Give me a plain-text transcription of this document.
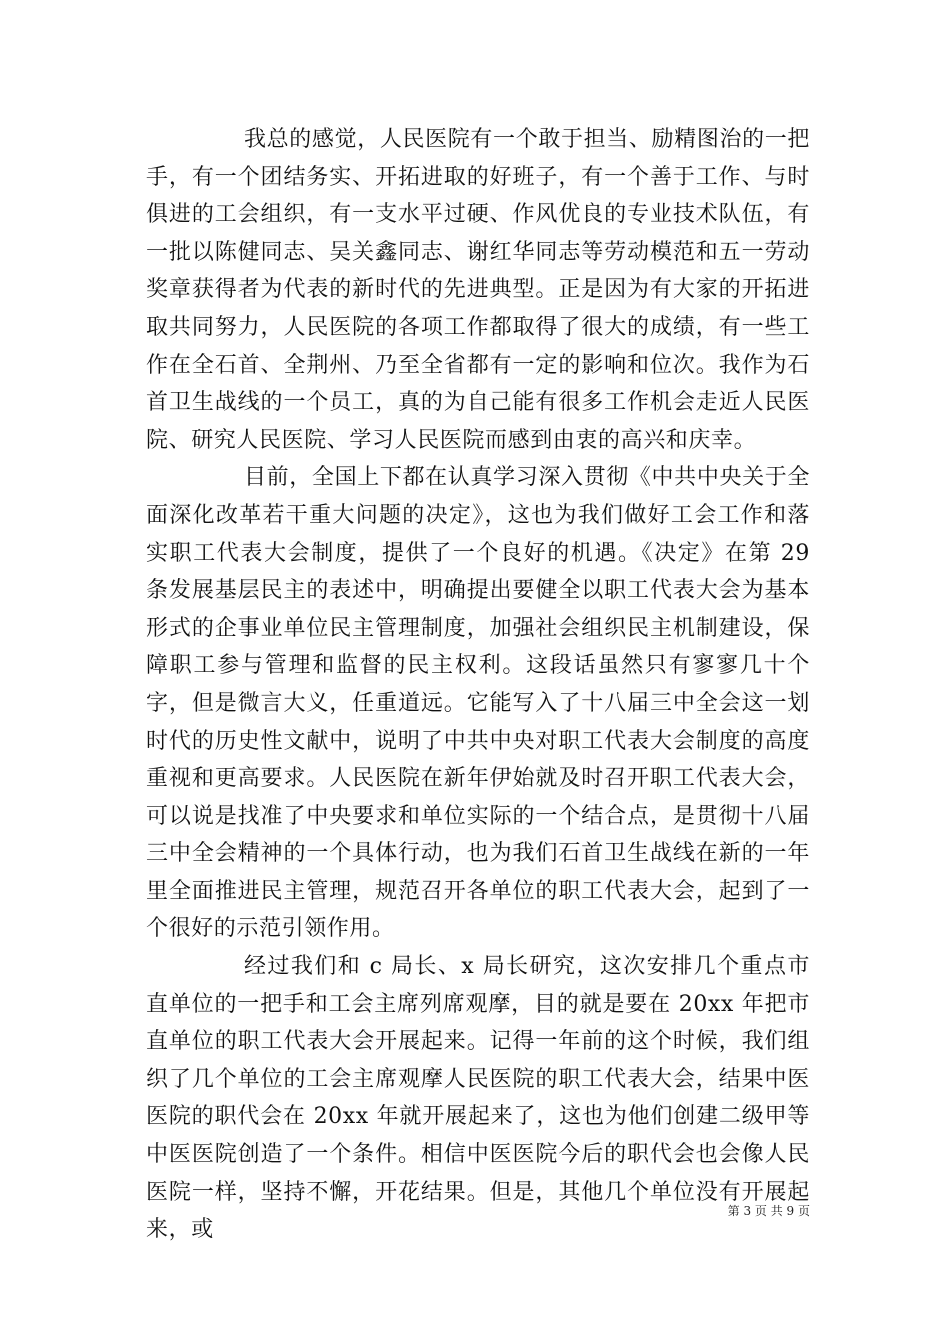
我总的感觉，人民医院有一个敢于担当、励精图治的一把手，有一个团结务实、开拓进取的好班子，有一个善于工作、与时俱进的工会组织，有一支水平过硬、作风优良的专业技术队伍，有一批以陈健同志、吴关鑫同志、谢红华同志等劳动模范和五一劳动奖章获得者为代表的新时代的先进典型。正是因为有大家的开拓进取共同努力，人民医院的各项工作都取得了很大的成绩，有一些工作在全石首、全荆州、乃至全省都有一定的影响和位次。我作为石首卫生战线的一个员工，真的为自己能有很多工作机会走近人民医院、研究人民医院、学习人民医院而感到由衷的高兴和庆幸。

目前，全国上下都在认真学习深入贯彻《中共中央关于全面深化改革若干重大问题的决定》，这也为我们做好工会工作和落实职工代表大会制度，提供了一个良好的机遇。《决定》在第 29 条发展基层民主的表述中，明确提出要健全以职工代表大会为基本形式的企事业单位民主管理制度，加强社会组织民主机制建设，保障职工参与管理和监督的民主权利。这段话虽然只有寥寥几十个字，但是微言大义，任重道远。它能写入了十八届三中全会这一划时代的历史性文献中，说明了中共中央对职工代表大会制度的高度重视和更高要求。人民医院在新年伊始就及时召开职工代表大会，可以说是找准了中央要求和单位实际的一个结合点，是贯彻十八届三中全会精神的一个具体行动，也为我们石首卫生战线在新的一年里全面推进民主管理，规范召开各单位的职工代表大会，起到了一个很好的示范引领作用。

经过我们和 c 局长、x 局长研究，这次安排几个重点市直单位的一把手和工会主席列席观摩，目的就是要在 20xx 年把市直单位的职工代表大会开展起来。记得一年前的这个时候，我们组织了几个单位的工会主席观摩人民医院的职工代表大会，结果中医医院的职代会在 20xx 年就开展起来了，这也为他们创建二级甲等中医医院创造了一个条件。相信中医医院今后的职代会也会像人民医院一样，坚持不懈，开花结果。但是，其他几个单位没有开展起来，或

第 3 页 共 9 页
